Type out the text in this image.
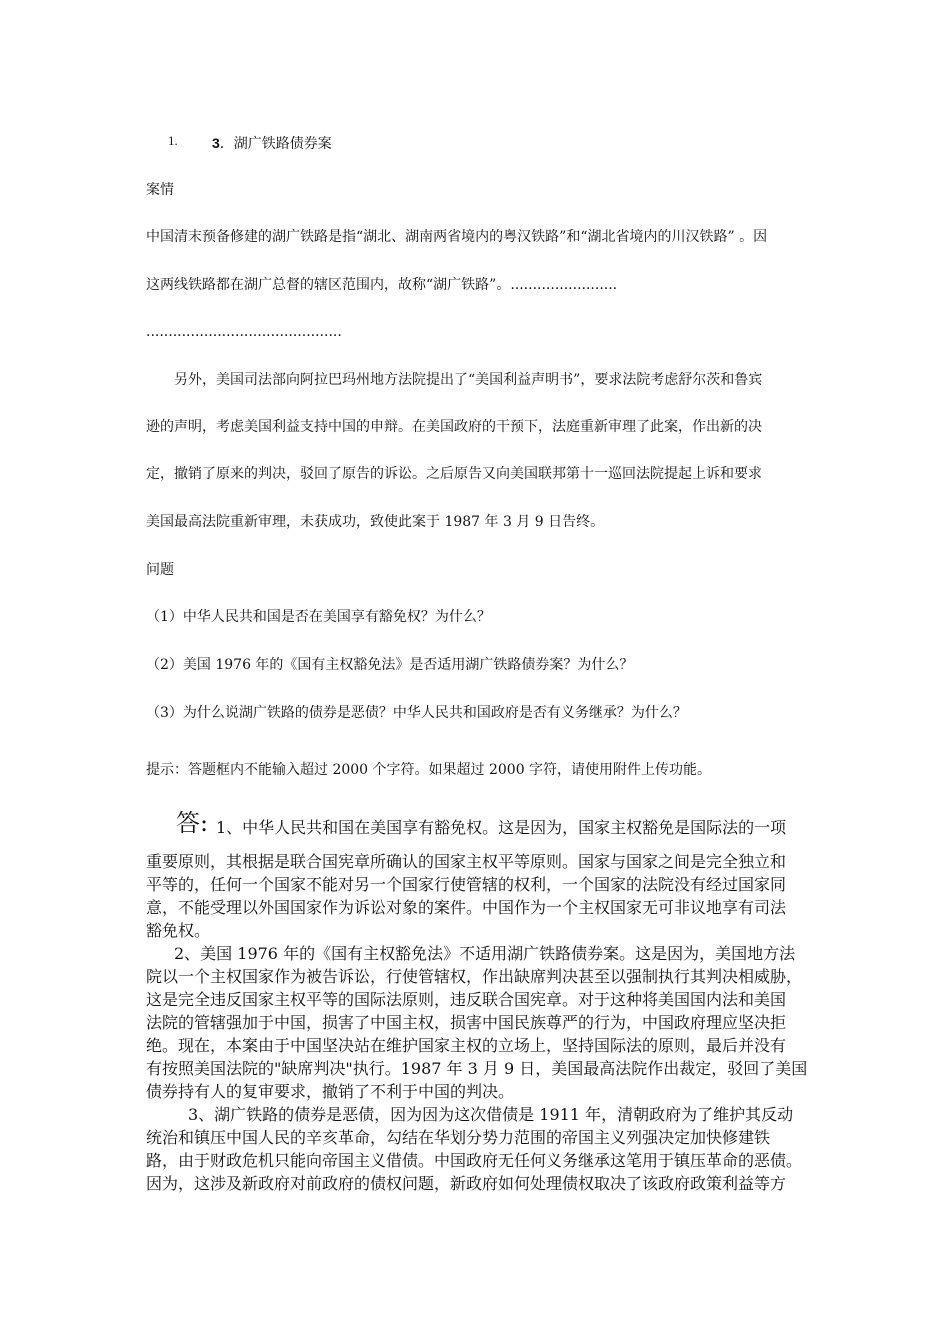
1. 3．湖广铁路债券案
案情
中国清末预备修建的湖广铁路是指“湖北、湖南两省境内的粤汉铁路”和“湖北省境内的川汉铁路” 。因
这两线铁路都在湖广总督的辖区范围内，故称“湖广铁路”。........................
............................................
另外，美国司法部向阿拉巴玛州地方法院提出了“美国利益声明书”，要求法院考虑舒尔茨和鲁宾
逊的声明，考虑美国利益支持中国的申辩。在美国政府的干预下，法庭重新审理了此案，作出新的决
定，撤销了原来的判决，驳回了原告的诉讼。之后原告又向美国联邦第十一巡回法院提起上诉和要求
美国最高法院重新审理，未获成功，致使此案于 1987 年 3 月 9 日告终。
问题
（1）中华人民共和国是否在美国享有豁免权？为什么？
（2）美国 1976 年的《国有主权豁免法》是否适用湖广铁路债券案？为什么？
（3）为什么说湖广铁路的债券是恶债？中华人民共和国政府是否有义务继承？为什么？
提示：答题框内不能输入超过 2000 个字符。如果超过 2000 字符，请使用附件上传功能。
答: 1、中华人民共和国在美国享有豁免权。这是因为，国家主权豁免是国际法的一项
重要原则，其根据是联合国宪章所确认的国家主权平等原则。国家与国家之间是完全独立和
平等的，任何一个国家不能对另一个国家行使管辖的权利，一个国家的法院没有经过国家同
意，不能受理以外国国家作为诉讼对象的案件。中国作为一个主权国家无可非议地享有司法
豁免权。
2、美国 1976 年的《国有主权豁免法》不适用湖广铁路债券案。这是因为，美国地方法
院以一个主权国家作为被告诉讼，行使管辖权，作出缺席判决甚至以强制执行其判决相威胁，
这是完全违反国家主权平等的国际法原则，违反联合国宪章。对于这种将美国国内法和美国
法院的管辖强加于中国，损害了中国主权，损害中国民族尊严的行为，中国政府理应坚决拒
绝。现在，本案由于中国坚决站在维护国家主权的立场上，坚持国际法的原则，最后并没有
有按照美国法院的"缺席判决"执行。1987 年 3 月 9 日，美国最高法院作出裁定，驳回了美国
债券持有人的复审要求，撤销了不利于中国的判决。
3、湖广铁路的债券是恶债，因为因为这次借债是 1911 年，清朝政府为了维护其反动
统治和镇压中国人民的辛亥革命，勾结在华划分势力范围的帝国主义列强决定加快修建铁
路，由于财政危机只能向帝国主义借债。中国政府无任何义务继承这笔用于镇压革命的恶债。
因为，这涉及新政府对前政府的债权问题，新政府如何处理债权取决了该政府政策利益等方
